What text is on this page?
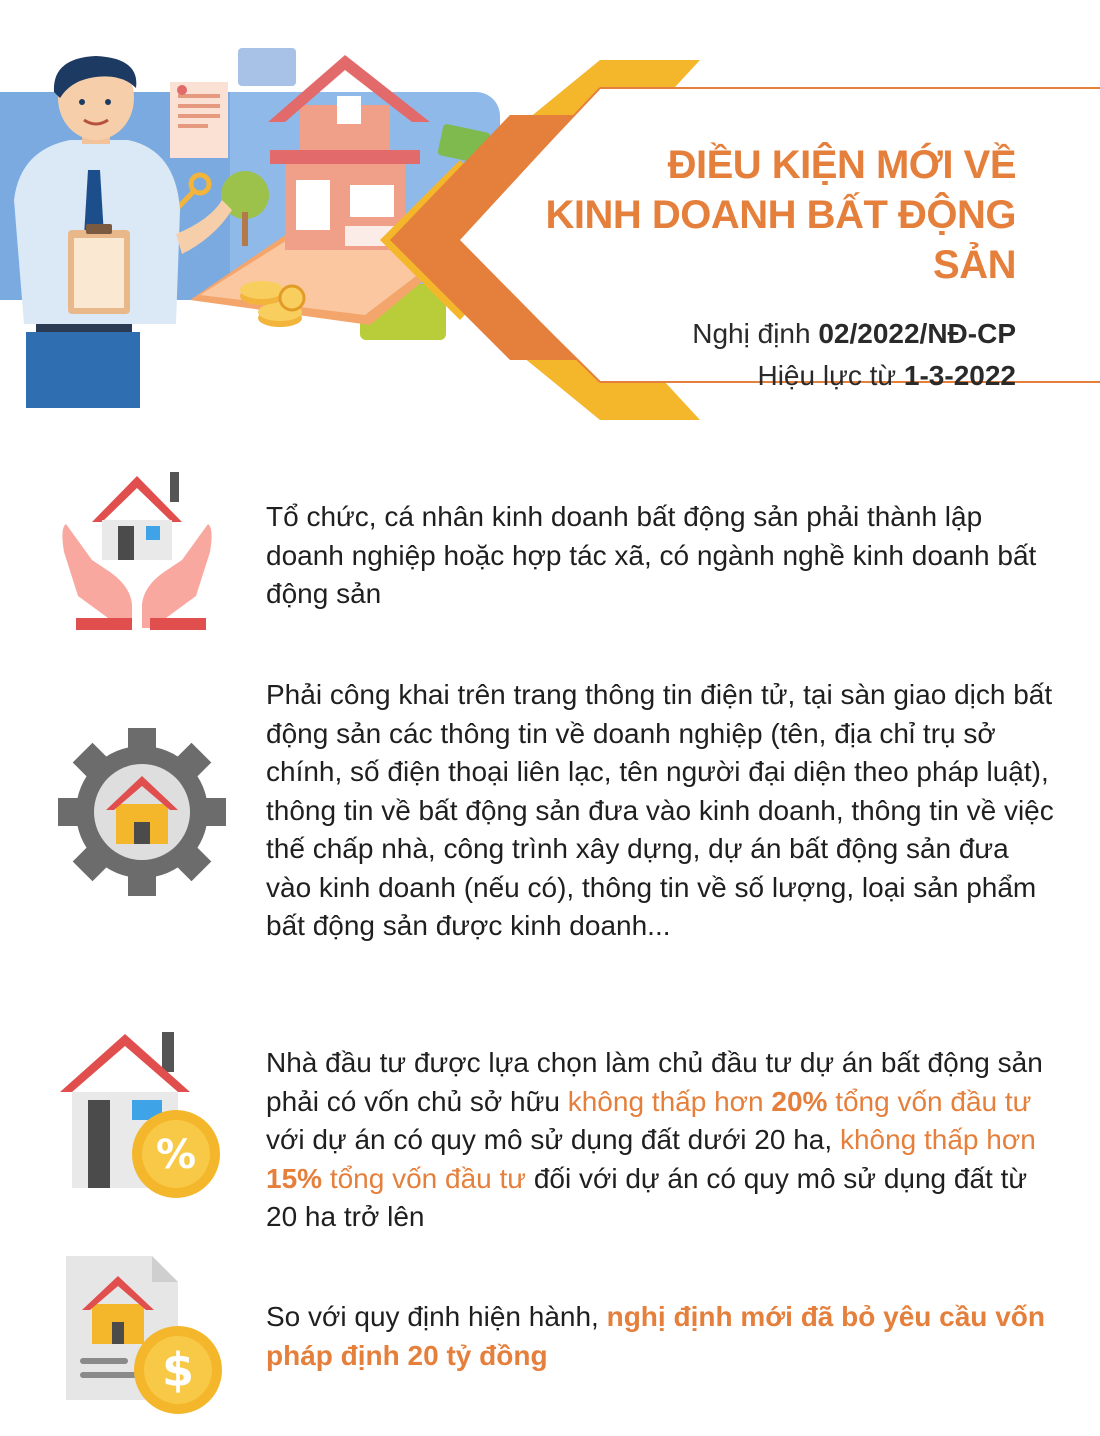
ĐIỀU KIỆN MỚI VỀ
KINH DOANH BẤT ĐỘNG SẢN
Nghị định 02/2022/NĐ-CP
Hiệu lực từ 1-3-2022
Tổ chức, cá nhân kinh doanh bất động sản phải thành lập doanh nghiệp hoặc hợp tác xã, có ngành nghề kinh doanh bất động sản
Phải công khai trên trang thông tin điện tử, tại sàn giao dịch bất động sản các thông tin về doanh nghiệp (tên, địa chỉ trụ sở chính, số điện thoại liên lạc, tên người đại diện theo pháp luật), thông tin về bất động sản đưa vào kinh doanh, thông tin về việc thế chấp nhà, công trình xây dựng, dự án bất động sản đưa vào kinh doanh (nếu có), thông tin về số lượng, loại sản phẩm bất động sản được kinh doanh...
%
Nhà đầu tư được lựa chọn làm chủ đầu tư dự án bất động sản phải có vốn chủ sở hữu không thấp hơn 20% tổng vốn đầu tư với dự án có quy mô sử dụng đất dưới 20 ha, không thấp hơn 15% tổng vốn đầu tư đối với dự án có quy mô sử dụng đất từ 20 ha trở lên
$
So với quy định hiện hành, nghị định mới đã bỏ yêu cầu vốn pháp định 20 tỷ đồng
